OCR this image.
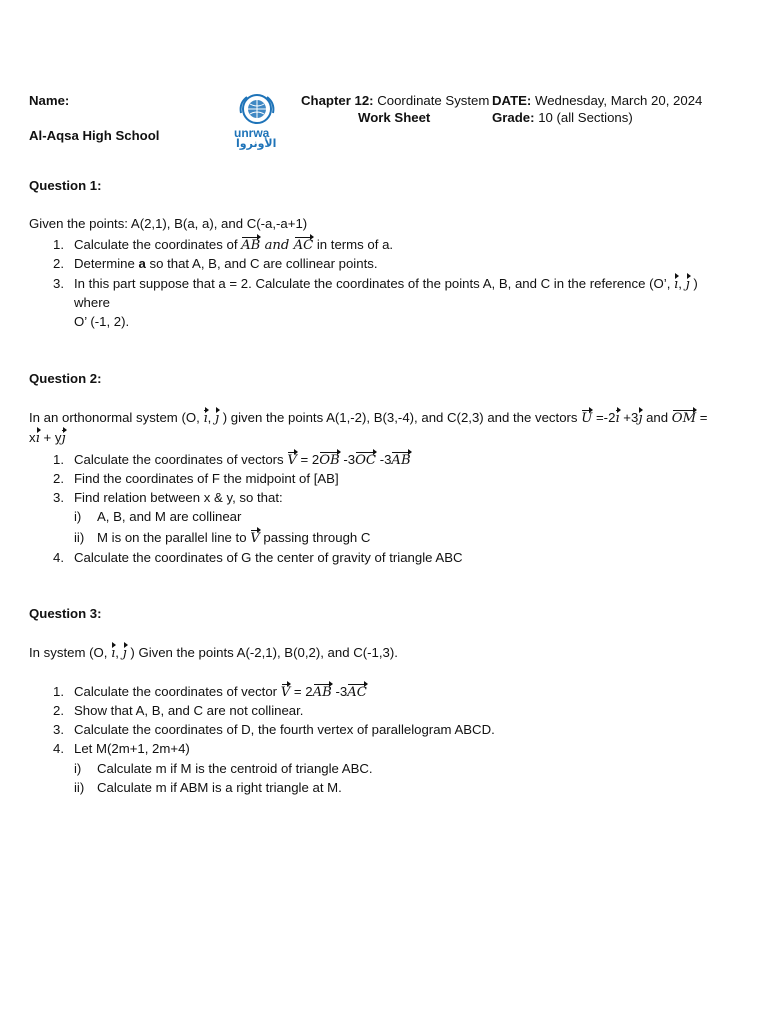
Name:
Al-Aqsa High School	unrwa
الأونروا
Chapter 12: Coordinate System
Work Sheet
DATE: Wednesday, March 20, 2024
Grade: 10 (all Sections)
Question 1:
Given the points: A(2,1), B(a, a), and C(-a,-a+1)
1. Calculate the coordinates of AB and AC in terms of a.
2. Determine a so that A, B, and C are collinear points.
3. In this part suppose that a = 2. Calculate the coordinates of the points A, B, and C in the reference (O’, ı, ȷ )
where
O’ (-1, 2).
Question 2:
In an orthonormal system (O, ı, ȷ ) given the points A(1,-2), B(3,-4), and C(2,3) and the vectors U =-2ı +3ȷ and OM =
xı + yȷ
1. Calculate the coordinates of vectors V = 2OB -3OC -3AB
2. Find the coordinates of F the midpoint of [AB]
3. Find relation between x & y, so that:
i) A, B, and M are collinear
ii) M is on the parallel line to V passing through C
4. Calculate the coordinates of G the center of gravity of triangle ABC
Question 3:
In system (O, ı, ȷ ) Given the points A(-2,1), B(0,2), and C(-1,3).
1. Calculate the coordinates of vector V = 2AB -3AC
2. Show that A, B, and C are not collinear.
3. Calculate the coordinates of D, the fourth vertex of parallelogram ABCD.
4. Let M(2m+1, 2m+4)
i) Calculate m if M is the centroid of triangle ABC.
ii) Calculate m if ABM is a right triangle at M.
